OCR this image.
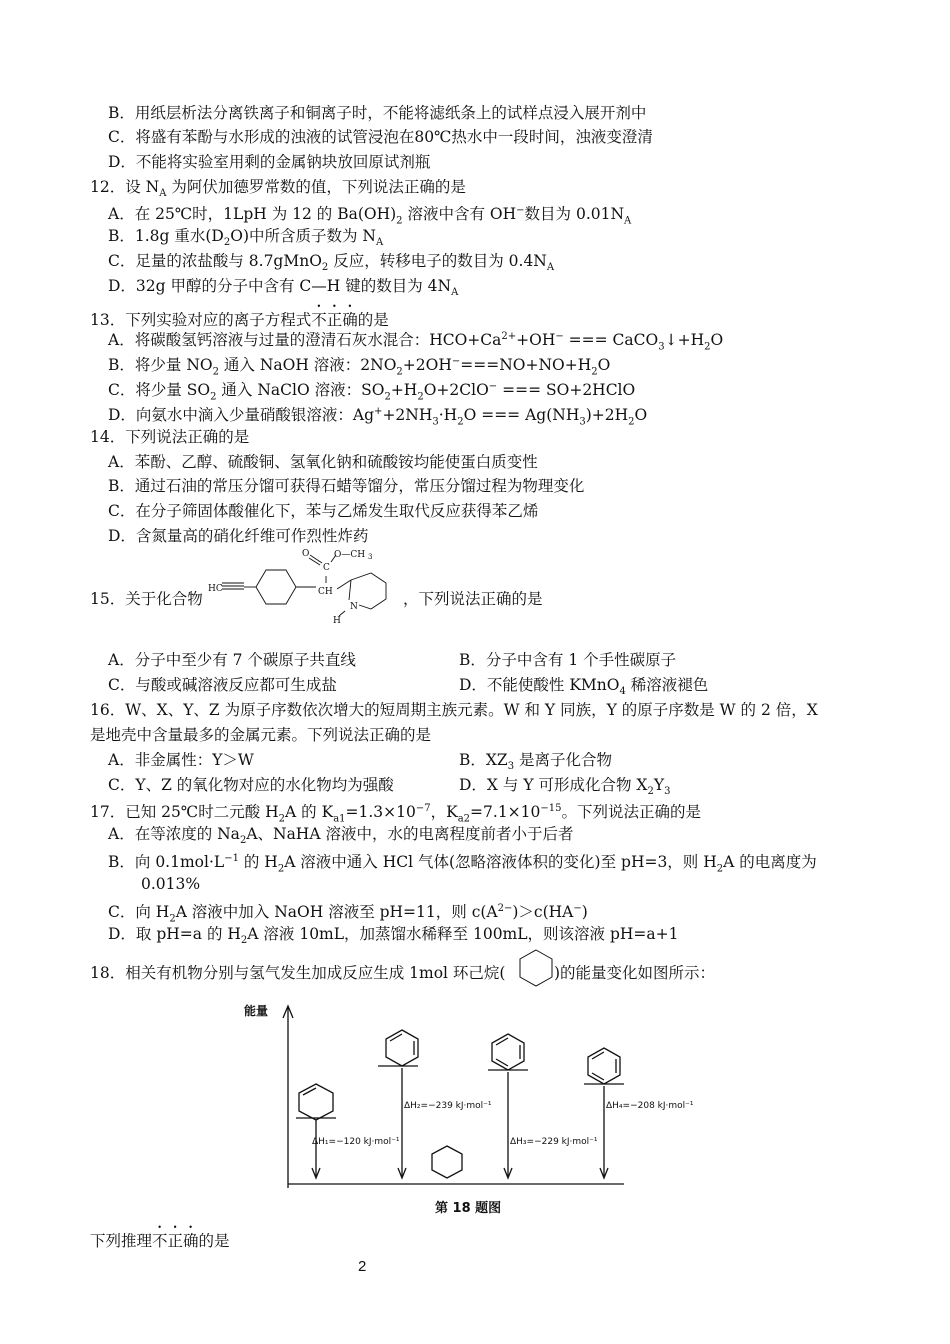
B．用纸层析法分离铁离子和铜离子时，不能将滤纸条上的试样点浸入展开剂中
C．将盛有苯酚与水形成的浊液的试管浸泡在80℃热水中一段时间，浊液变澄清
D．不能将实验室用剩的金属钠块放回原试剂瓶
12．设 $N_A$ 为阿伏加德罗常数的值，下列说法正确的是
A．在 25℃时，1LpH 为 12 的 $Ba(OH)_2$ 溶液中含有 OH−数目为 $0.01N_A$
B．1.8g 重水$(D_2O)$中所含质子数为 $N_A$
C．足量的浓盐酸与 8.7gMnO$_2$ 反应，转移电子的数目为 $0.4N_A$
D．32g 甲醇的分子中含有 C—H 键的数目为 $4N_A$
13．下列实验对应的离子方程式不正确的是
A．将碳酸氢钙溶液与过量的澄清石灰水混合：$HCO+Ca^{2+}+OH^-$ === $CaCO_3↓+H_2O$
B．将少量 $NO_2$ 通入 NaOH 溶液：$2NO_2+2OH^-===NO+NO+H_2O$
C．将少量 $SO_2$ 通入 NaClO 溶液：$SO_2+H_2O+2ClO^-$ === SO+2HClO
D．向氨水中滴入少量硝酸银溶液：$Ag^++2NH_3\cdot H_2O$ === $Ag(NH_3)+2H_2O$
14．下列说法正确的是
A．苯酚、乙醇、硫酸铜、氢氧化钠和硫酸铵均能使蛋白质变性
B．通过石油的常压分馏可获得石蜡等馏分，常压分馏过程为物理变化
C．在分子筛固体酸催化下，苯与乙烯发生取代反应获得苯乙烯
D．含氮量高的硝化纤维可作烈性炸药
15．关于化合物	，下列说法正确的是
A．分子中至少有 7 个碳原子共直线	B．分子中含有 1 个手性碳原子
C．与酸或碱溶液反应都可生成盐	D．不能使酸性 KMnO$_4$ 稀溶液褪色
16．W、X、Y、Z 为原子序数依次增大的短周期主族元素。W 和 Y 同族，Y 的原子序数是 W 的 2 倍，X
是地壳中含量最多的金属元素。下列说法正确的是
A．非金属性：Y＞W	B．$XZ_3$ 是离子化合物
C．Y、Z 的氧化物对应的水化物均为强酸	D．X 与 Y 可形成化合物 $X_2Y_3$
17．已知 25℃时二元酸 $H_2A$ 的 $K_{a1}=1.3\times 10^{-7}$，$K_{a2}=7.1\times 10^{-15}$。下列说法正确的是
A．在等浓度的 $Na_2A$、NaHA 溶液中，水的电离程度前者小于后者
B．向 $0.1mol\cdot L^{-1}$ 的 $H_2A$ 溶液中通入 HCl 气体(忽略溶液体积的变化)至 pH=3，则 $H_2A$ 的电离度为
0.013%
C．向 $H_2A$ 溶液中加入 NaOH 溶液至 pH=11，则 $c(A^{2-})>c(HA^-)$
D．取 pH=a 的 $H_2A$ 溶液 10mL，加蒸馏水稀释至 100mL，则该溶液 pH=a+1
18．相关有机物分别与氢气发生加成反应生成 1mol 环己烷(	)的能量变化如图所示：
下列推理不正确的是
HC
C
O	O—CH 3
CH
N
H
能量
ΔH₁=−120 kJ·mol⁻¹
ΔH₂=−239 kJ·mol⁻¹
ΔH₃=−229 kJ·mol⁻¹
ΔH₄=−208 kJ·mol⁻¹
第 18 题图
2
